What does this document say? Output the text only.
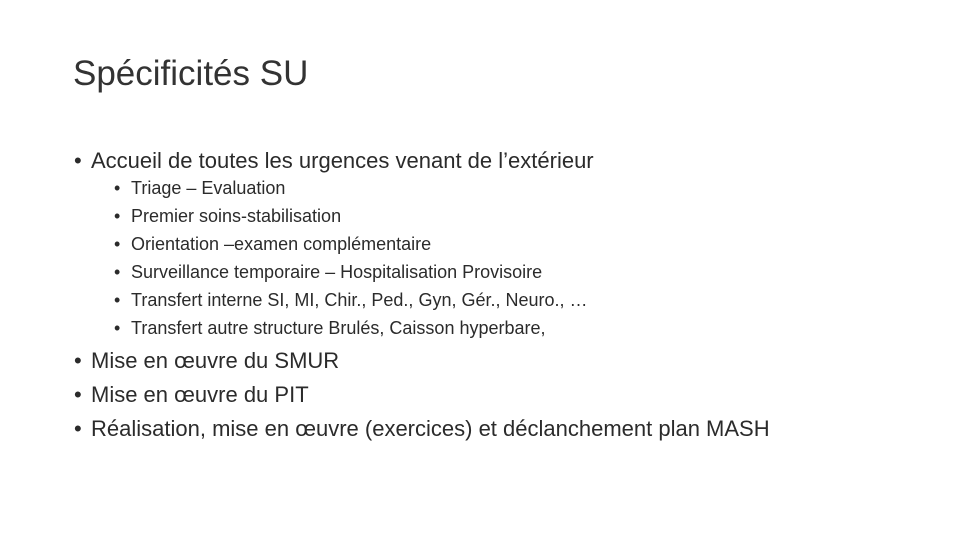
Spécificités SU
• Accueil de toutes les urgences venant de l’extérieur
• Triage – Evaluation
• Premier soins-stabilisation
• Orientation –examen complémentaire
• Surveillance temporaire – Hospitalisation Provisoire
• Transfert interne SI, MI, Chir., Ped., Gyn, Gér., Neuro., …
• Transfert autre structure Brulés, Caisson hyperbare,
• Mise en œuvre du SMUR
• Mise en œuvre du PIT
• Réalisation, mise en œuvre (exercices) et déclanchement plan MASH
